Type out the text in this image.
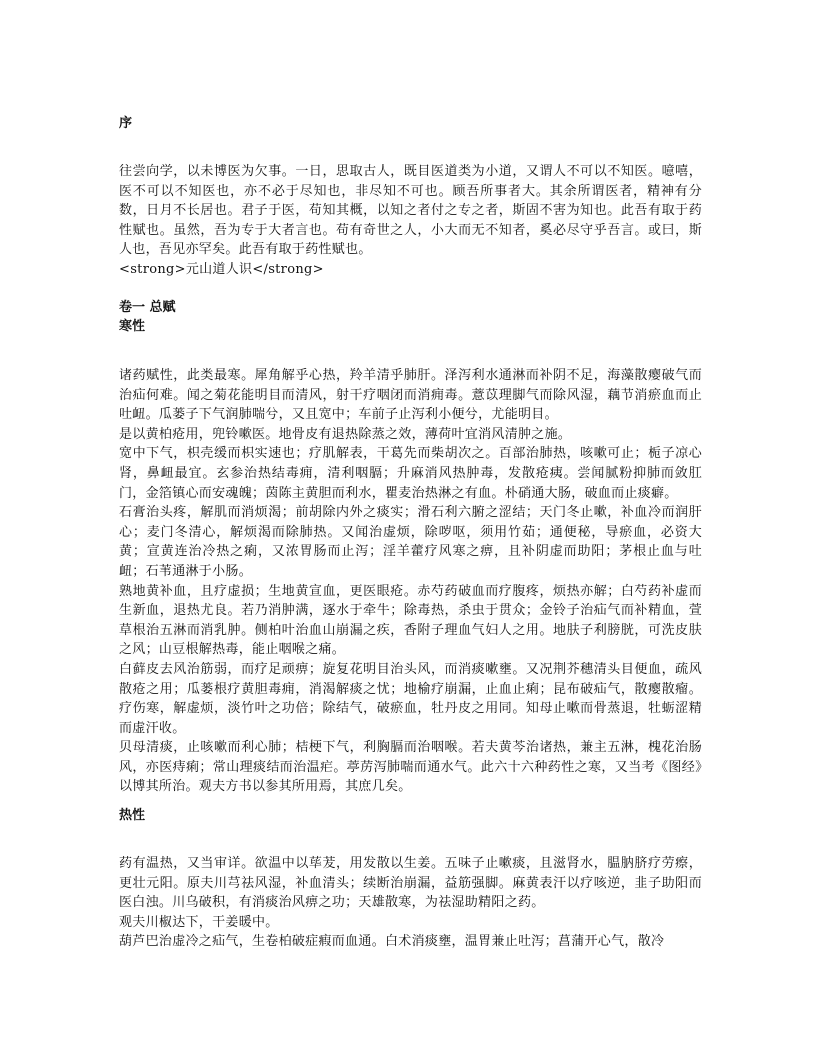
序

往尝向学，以未博医为欠事。一日，思取古人，既目医道类为小道，又谓人不可以不知医。噫嘻，医不可以不知医也，亦不必于尽知也，非尽知不可也。顾吾所事者大。其余所谓医者，精神有分数，日月不长居也。君子于医，苟知其概，以知之者付之专之者，斯固不害为知也。此吾有取于药性赋也。虽然，吾为专于大者言也。苟有奇世之人，小大而无不知者，奚必尽守乎吾言。或曰，斯人也，吾见亦罕矣。此吾有取于药性赋也。

<strong>元山道人识</strong>

卷一 总赋
寒性

诸药赋性，此类最寒。犀角解乎心热，羚羊清乎肺肝。泽泻利水通淋而补阴不足，海藻散瘿破气而治疝何难。闻之菊花能明目而清风，射干疗咽闭而消痈毒。薏苡理脚气而除风湿，藕节消瘀血而止吐衄。瓜蒌子下气润肺喘兮，又且宽中；车前子止泻利小便兮，尤能明目。

是以黄柏疮用，兜铃嗽医。地骨皮有退热除蒸之效，薄荷叶宜消风清肿之施。

宽中下气，枳壳缓而枳实速也；疗肌解表，干葛先而柴胡次之。百部治肺热，咳嗽可止；栀子凉心肾，鼻衄最宜。玄参治热结毒痈，清利咽膈；升麻消风热肿毒，发散疮痍。尝闻腻粉抑肺而敛肛门，金箔镇心而安魂魄；茵陈主黄胆而利水，瞿麦治热淋之有血。朴硝通大肠，破血而止痰癖。

石膏治头疼，解肌而消烦渴；前胡除内外之痰实；滑石利六腑之涩结；天门冬止嗽，补血冷而润肝心；麦门冬清心，解烦渴而除肺热。又闻治虚烦，除哕呕，须用竹茹；通便秘，导瘀血，必资大黄；宣黄连治冷热之痢，又浓胃肠而止泻；淫羊藿疗风寒之痹，且补阴虚而助阳；茅根止血与吐衄；石苇通淋于小肠。

熟地黄补血，且疗虚损；生地黄宣血，更医眼疮。赤芍药破血而疗腹疼，烦热亦解；白芍药补虚而生新血，退热尤良。若乃消肿满，逐水于牵牛；除毒热，杀虫于贯众；金铃子治疝气而补精血，萱草根治五淋而消乳肿。侧柏叶治血山崩漏之疾，香附子理血气妇人之用。地肤子利膀胱，可洗皮肤之风；山豆根解热毒，能止咽喉之痛。

白藓皮去风治筋弱，而疗足顽痹；旋复花明目治头风，而消痰嗽壅。又况荆芥穗清头目便血，疏风散疮之用；瓜蒌根疗黄胆毒痈，消渴解痰之忧；地榆疗崩漏，止血止痢；昆布破疝气，散瘿散瘤。疗伤寒，解虚烦，淡竹叶之功倍；除结气，破瘀血，牡丹皮之用同。知母止嗽而骨蒸退，牡蛎涩精而虚汗收。

贝母清痰，止咳嗽而利心肺；桔梗下气，利胸膈而治咽喉。若夫黄芩治诸热，兼主五淋，槐花治肠风，亦医痔痢；常山理痰结而治温疟。葶苈泻肺喘而通水气。此六十六种药性之寒，又当考《图经》以博其所治。观夫方书以参其所用焉，其庶几矣。

热性

药有温热，又当审详。欲温中以荜茇，用发散以生姜。五味子止嗽痰，且滋肾水，腽肭脐疗劳瘵，更壮元阳。原夫川芎祛风湿，补血清头；续断治崩漏，益筋强脚。麻黄表汗以疗咳逆，韭子助阳而医白浊。川乌破积，有消痰治风痹之功；天雄散寒，为祛湿助精阳之药。

观夫川椒达下，干姜暖中。

葫芦巴治虚冷之疝气，生卷柏破症瘕而血通。白术消痰壅，温胃兼止吐泻；菖蒲开心气，散冷
